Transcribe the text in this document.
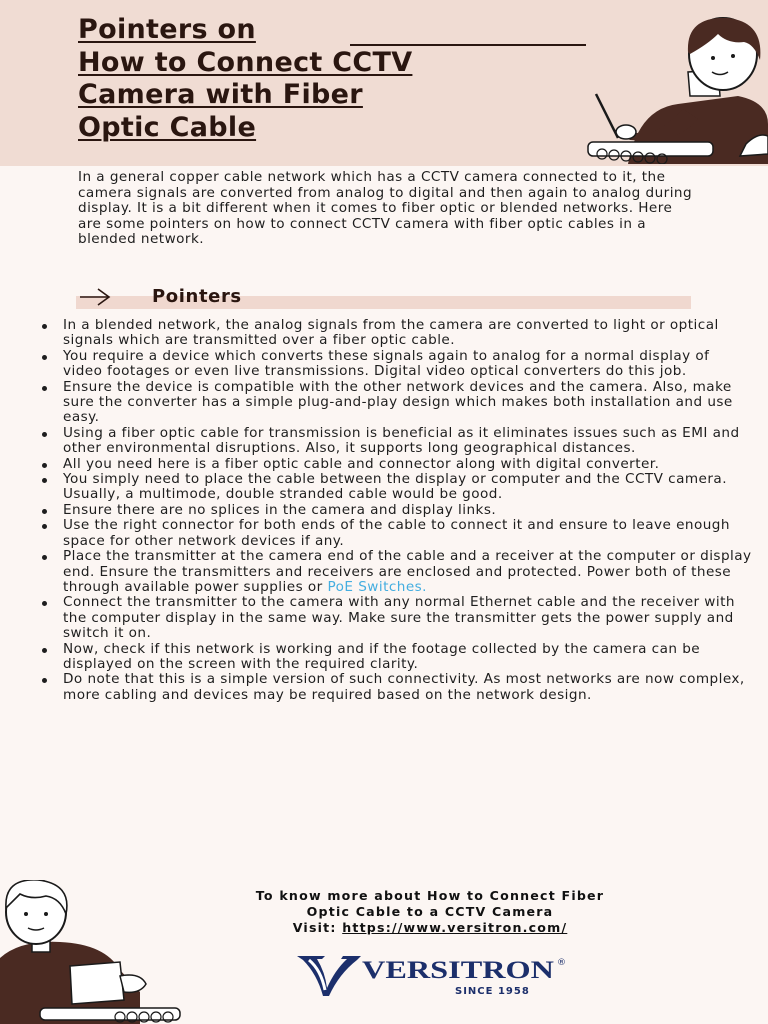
Pointers on
How to Connect CCTV
Camera with Fiber
Optic Cable

In a general copper cable network which has a CCTV camera connected to it, the camera signals are converted from analog to digital and then again to analog during display. It is a bit different when it comes to fiber optic or blended networks. Here are some pointers on how to connect CCTV camera with fiber optic cables in a blended network.

Pointers
In a blended network, the analog signals from the camera are converted to light or optical signals which are transmitted over a fiber optic cable.
You require a device which converts these signals again to analog for a normal display of video footages or even live transmissions. Digital video optical converters do this job.
Ensure the device is compatible with the other network devices and the camera. Also, make sure the converter has a simple plug-and-play design which makes both installation and use easy.
Using a fiber optic cable for transmission is beneficial as it eliminates issues such as EMI and other environmental disruptions. Also, it supports long geographical distances.
All you need here is a fiber optic cable and connector along with digital converter.
You simply need to place the cable between the display or computer and the CCTV camera. Usually, a multimode, double stranded cable would be good.
Ensure there are no splices in the camera and display links.
Use the right connector for both ends of the cable to connect it and ensure to leave enough space for other network devices if any.
Place the transmitter at the camera end of the cable and a receiver at the computer or display end. Ensure the transmitters and receivers are enclosed and protected. Power both of these through available power supplies or PoE Switches.
Connect the transmitter to the camera with any normal Ethernet cable and the receiver with the computer display in the same way. Make sure the transmitter gets the power supply and switch it on.
Now, check if this network is working and if the footage collected by the camera can be displayed on the screen with the required clarity.
Do note that this is a simple version of such connectivity. As most networks are now complex, more cabling and devices may be required based on the network design.
To know more about How to Connect Fiber
Optic Cable to a CCTV Camera
Visit: https://www.versitron.com/
VERSITRON ®
SINCE 1958
